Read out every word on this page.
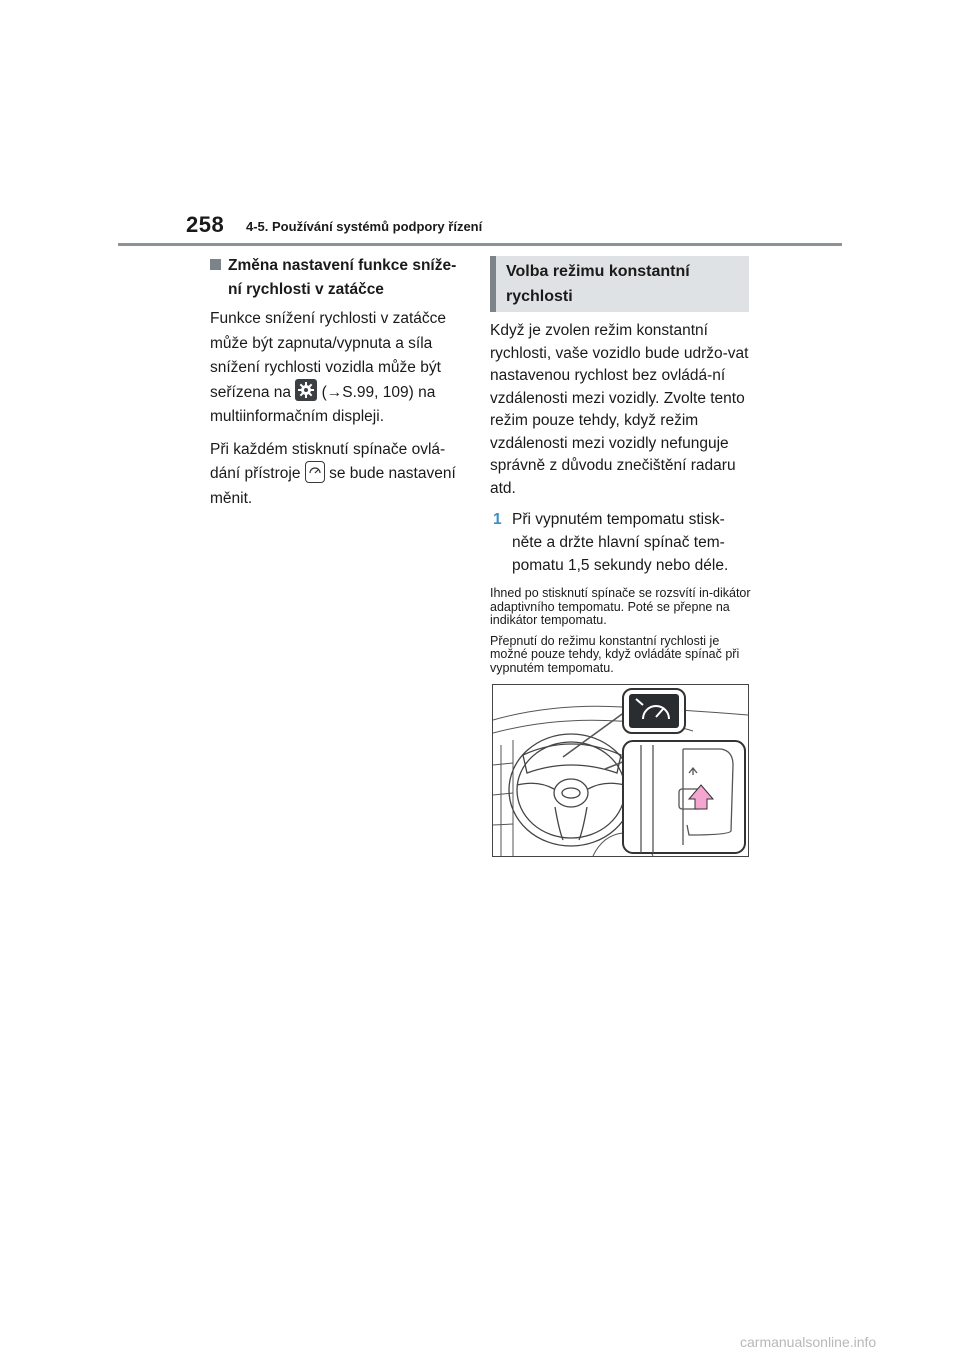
258 4-5. Používání systémů podpory řízení
Změna nastavení funkce sníže-ní rychlosti v zatáčce

Funkce snížení rychlosti v zatáčce může být zapnuta/vypnuta a síla snížení rychlosti vozidla může být seřízena na (→S.99, 109) na multiinformačním displeji.

Při každém stisknutí spínače ovlá-dání přístroje se bude nastavení měnit.

Volba režimu konstantní rychlosti

Když je zvolen režim konstantní rychlosti, vaše vozidlo bude udržo-vat nastavenou rychlost bez ovládá-ní vzdálenosti mezi vozidly. Zvolte tento režim pouze tehdy, když režim vzdálenosti mezi vozidly nefunguje správně z důvodu znečištění radaru atd.

1 Při vypnutém tempomatu stisk-něte a držte hlavní spínač tem-pomatu 1,5 sekundy nebo déle.
Ihned po stisknutí spínače se rozsvítí in-dikátor adaptivního tempomatu. Poté se přepne na indikátor tempomatu.
Přepnutí do režimu konstantní rychlosti je možné pouze tehdy, když ovládáte spínač při vypnutém tempomatu.
carmanualsonline.info
